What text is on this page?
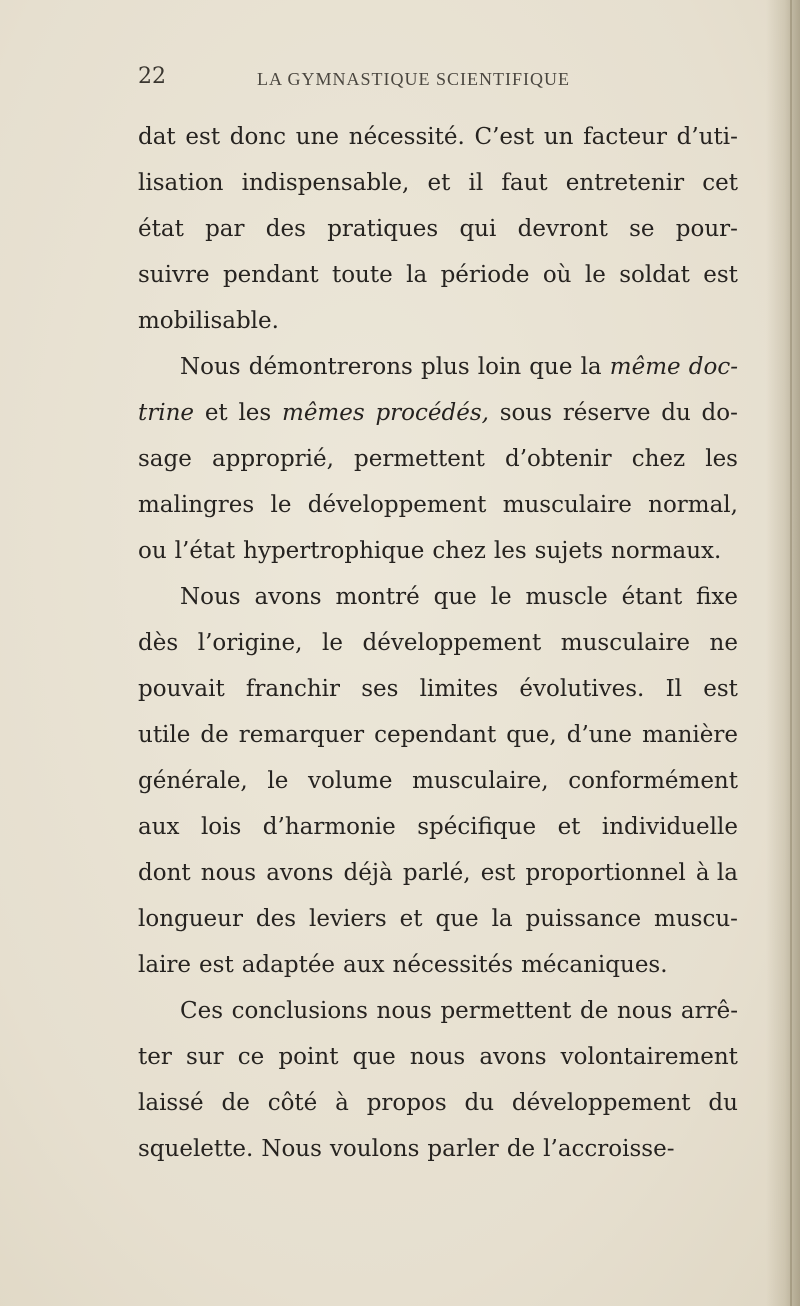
22	LA GYMNASTIQUE SCIENTIFIQUE
dat est donc une nécessité. C’est un facteur d’uti-
lisation indispensable, et il faut entretenir cet
état par des pratiques qui devront se pour-
suivre pendant toute la période où le soldat est
mobilisable.
Nous démontrerons plus loin que la même doc-
trine et les mêmes procédés, sous réserve du do-
sage approprié, permettent d’obtenir chez les
malingres le développement musculaire normal,
ou l’état hypertrophique chez les sujets normaux.
Nous avons montré que le muscle étant fixe
dès l’origine, le développement musculaire ne
pouvait franchir ses limites évolutives. Il est
utile de remarquer cependant que, d’une manière
générale, le volume musculaire, conformément
aux lois d’harmonie spécifique et individuelle
dont nous avons déjà parlé, est proportionnel à la
longueur des leviers et que la puissance muscu-
laire est adaptée aux nécessités mécaniques.
Ces conclusions nous permettent de nous arrê-
ter sur ce point que nous avons volontairement
laissé de côté à propos du développement du
squelette. Nous voulons parler de l’accroisse-
